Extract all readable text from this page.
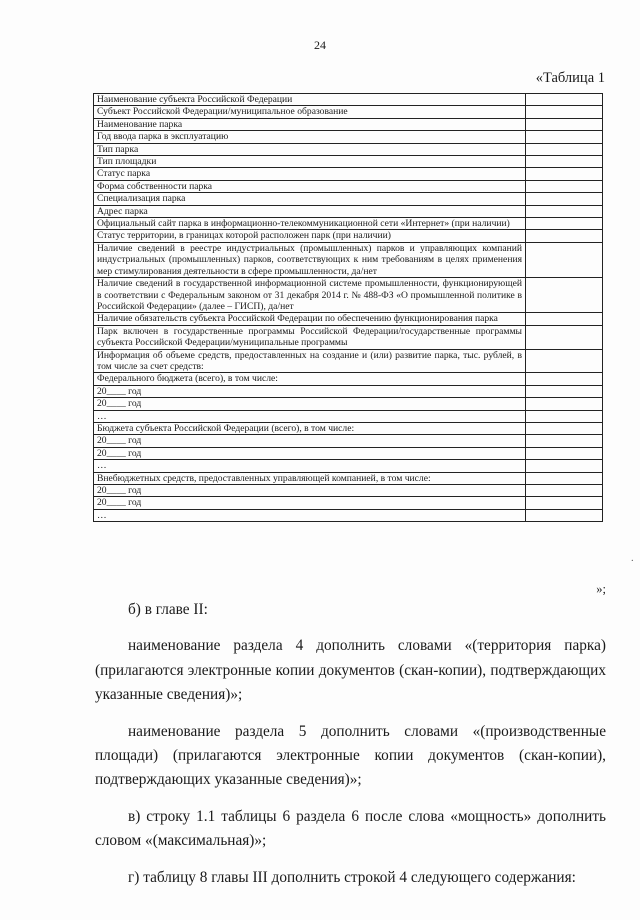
24
«Таблица 1
Наименование субъекта Российской Федерации	
Субъект Российской Федерации/муниципальное образование	
Наименование парка	
Год ввода парка в эксплуатацию	
Тип парка	
Тип площадки	
Статус парка	
Форма собственности парка	
Специализация парка	
Адрес парка	
Официальный сайт парка в информационно-телекоммуникационной сети «Интернет» (при наличии)	
Статус территории, в границах которой расположен парк (при наличии)	
Наличие сведений в реестре индустриальных (промышленных) парков и управляющих компаний индустриальных (промышленных) парков, соответствующих к ним требованиям в целях применения мер стимулирования деятельности в сфере промышленности, да/нет	
Наличие сведений в государственной информационной системе промышленности, функционирующей в соответствии с Федеральным законом от 31 декабря 2014 г. № 488-ФЗ «О промышленной политике в Российской Федерации» (далее – ГИСП), да/нет	
Наличие обязательств субъекта Российской Федерации по обеспечению функционирования парка	
Парк включен в государственные программы Российской Федерации/государственные программы субъекта Российской Федерации/муниципальные программы	
Информация об объеме средств, предоставленных на создание и (или) развитие парка, тыс. рублей, в том числе за счет средств:	
Федерального бюджета (всего), в том числе:	
20____ год	
20____ год	
…	
Бюджета субъекта Российской Федерации (всего), в том числе:	
20____ год	
20____ год	
…	
Внебюджетных средств, предоставленных управляющей компанией, в том числе:	
20____ год	
20____ год	
…	
»;

б) в главе II:

наименование раздела 4 дополнить словами «(территория парка) (прилагаются электронные копии документов (скан-копии), подтверждающих указанные сведения)»;

наименование раздела 5 дополнить словами «(производственные площади) (прилагаются электронные копии документов (скан-копии), подтверждающих указанные сведения)»;

в) строку 1.1 таблицы 6 раздела 6 после слова «мощность» дополнить словом «(максимальная)»;

г) таблицу 8 главы III дополнить строкой 4 следующего содержания:

·
